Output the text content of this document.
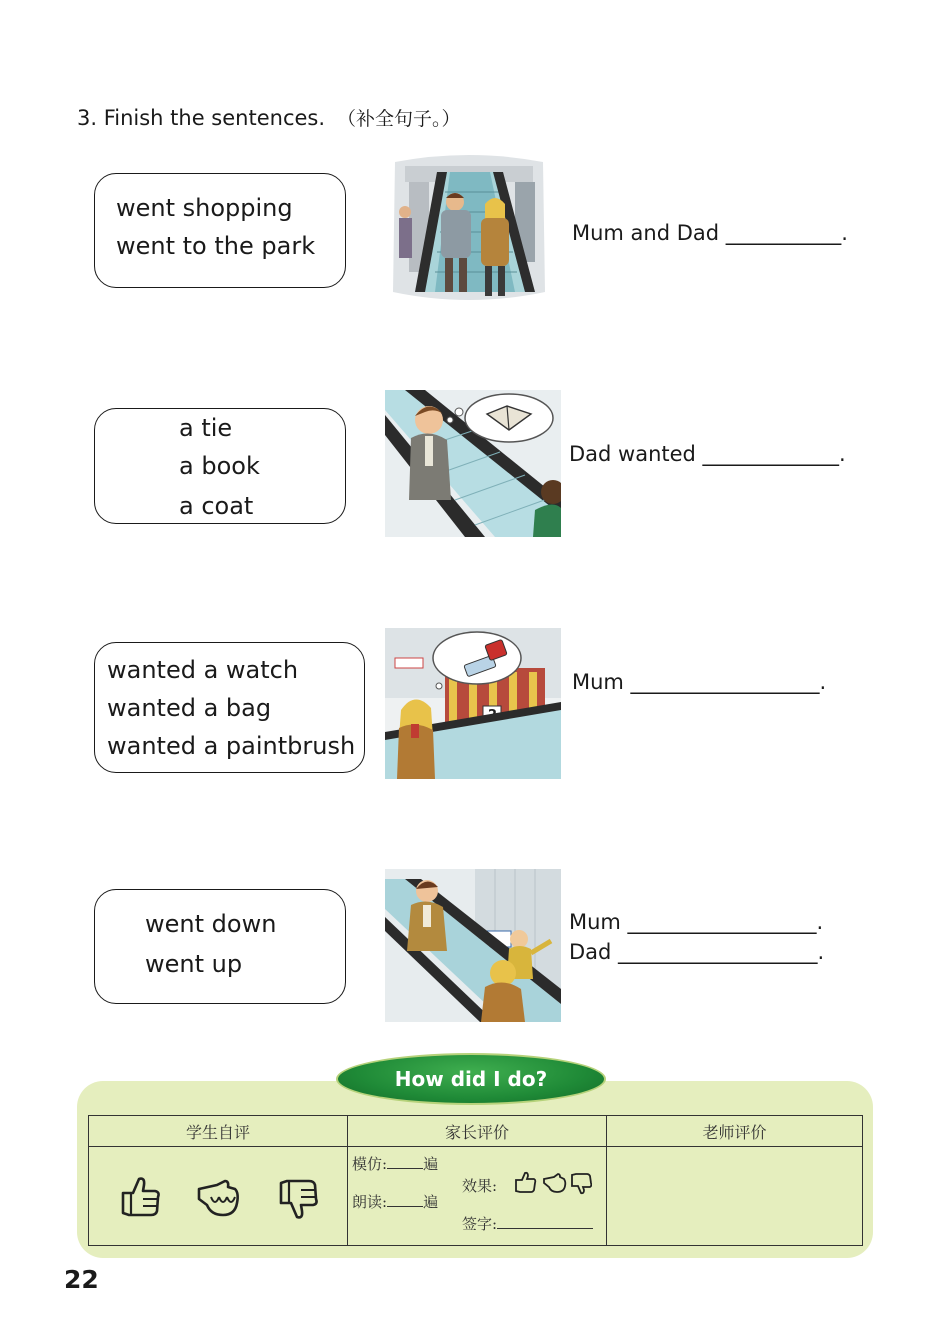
3. Finish the sentences. （补全句子。）
went shopping
went to the park	Mum and Dad ___________.
a tie
a book
a coat
Dad wanted _____________.
wanted a watch
wanted a bag
wanted a paintbrush
Mum __________________.
went down
went up
Mum __________________.
Dad ___________________.
学生自评	家长评价	老师评价

模仿: 遍
朗读: 遍
效果:
签字:	

How did I do?
22
